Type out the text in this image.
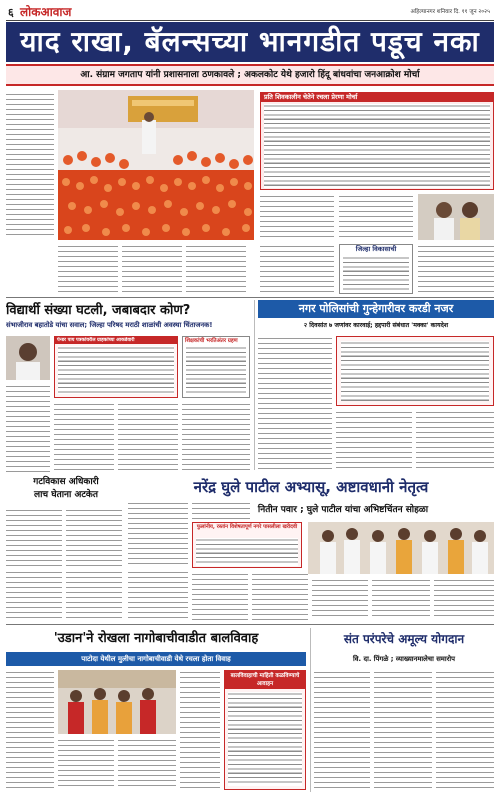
६ लोकआवाज	अहिल्यानगर शनिवार दि. ११ जून २०२५
याद राखा, बॅलन्सच्या भानगडीत पडूच नका
आ. संग्राम जगताप यांनी प्रशासनाला ठणकावले ; अकलकोट येथे हजारो हिंदू बांधवांचा जनआक्रोश मोर्चा
प्रति शिवकालीन चेतेने रचला प्रेरणा मोर्चा
जिल्हा विकासाची
विद्यार्थी संख्या घटली, जबाबदार कोण?
संभाजीराव बहातोडे यांचा सवाल; जिल्हा परिषद मराठी शाळांची अवस्था चिंताजनक!
पेन्डर पाय पत्रकांवरील ग्राहकांच्या आकडेवारी	शिक्षकांची भरतिअंतर ग्रहण
गटविकास अधिकारी
लाच घेताना अटकेत
नगर पोलिसांची गुन्हेगारीवर करडी नजर
२ दिवसांत ७ जणांवर कारवाई; हद्दपारी संबंधात 'मक्का' कायदेश
नरेंद्र घुले पाटील अभ्यासू, अष्टावधानी नेतृत्व
नितीन पवार ; घुले पाटील यांचा अभिष्टचिंतन सोहळा
फुलांनीय, रस्तांन विशेषतापूर्ण नगरे पासलीला खरीदवी
'उडान'ने रोखला नागोबाचीवाडीत बालविवाह
पाटोदा येथील मुलीचा नागोबाचीवाडी येथे रचला होता विवाह
बालविवाहाची माहिती कळविण्याचे आवाहन
संत परंपरेचे अमूल्य योगदान
वि. दा. पिंगळे ; व्याख्यानमालेचा समारोप
